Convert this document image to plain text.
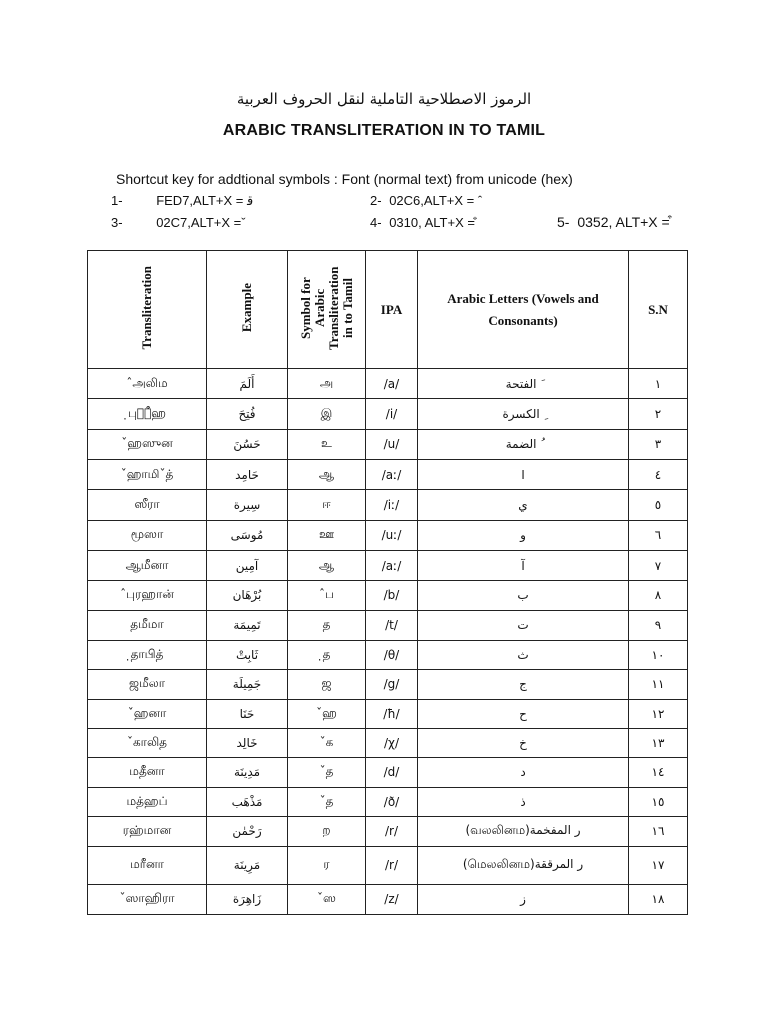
الرموز الاصطلاحية التاملية لنقل الحروف العربية
ARABIC TRANSLITERATION IN TO TAMIL
Shortcut key for addtional symbols : Font (normal text) from unicode (hex)
1-	FED7,ALT+X = ﻗ	2- 02C6,ALT+X = ˆ
3-	02C7,ALT+X =ˇ	4- 0310, ALT+X =̐	5- 0352, ALT+X =͒
Transliteration	Example	Symbol for Arabic Transliteration in to Tamil	IPA	Arabic Letters (Vowels and Consonants)	S.N
ˆஅலிம	أَلَمَ	அ	/a/	َ الفتحة	١
̣புதி͒ஹ	فُتِحَ	இ	/i/	ِ الكسرة	٢
ˇஹஸுன	حَسُنَ	உ	/u/	ُ الضمة	٣
ˇஹாமிˇத்	حَامِد	ஆ	/aː/	ا	٤
ஸீரா	سِيرة	ஈ	/iː/	ي	٥
மூஸா	مُوسَى	ஊ	/uː/	و	٦
ஆமீனா	آمِين	ஆ	/aː/	آ	٧
ˆபுரஹான்	بُرْهَان	ˆப	/b/	ب	٨
தமீமா	تَمِيمَة	த	/t/	ت	٩
̣தாபித்	ثَابِتْ	̣த	/θ/	ث	١٠
ஜமீலா	جَمِيلَة	ஜ	/g/	ج	١١
ˇஹனா	حَنَا	ˇஹ	/ħ/	ح	١٢
ˇகாலித	خَالِد	ˇக	/χ/	خ	١٣
மதீனா	مَدِينَة	ˇத	/d/	د	١٤
மத்ஹப்	مَذْهَب	ˇத	/ð/	ذ	١٥
ரஹ்மான	رَحْمٰن	ற	/r/	ر المفخمة(வலலினம)	١٦
மரீனா	مَرِينَة	ர	/r/	ر المرققة(மெலலினம)	١٧
ˇஸாஹிரா	زَاهِرَة	ˇஸ	/z/	ز	١٨
